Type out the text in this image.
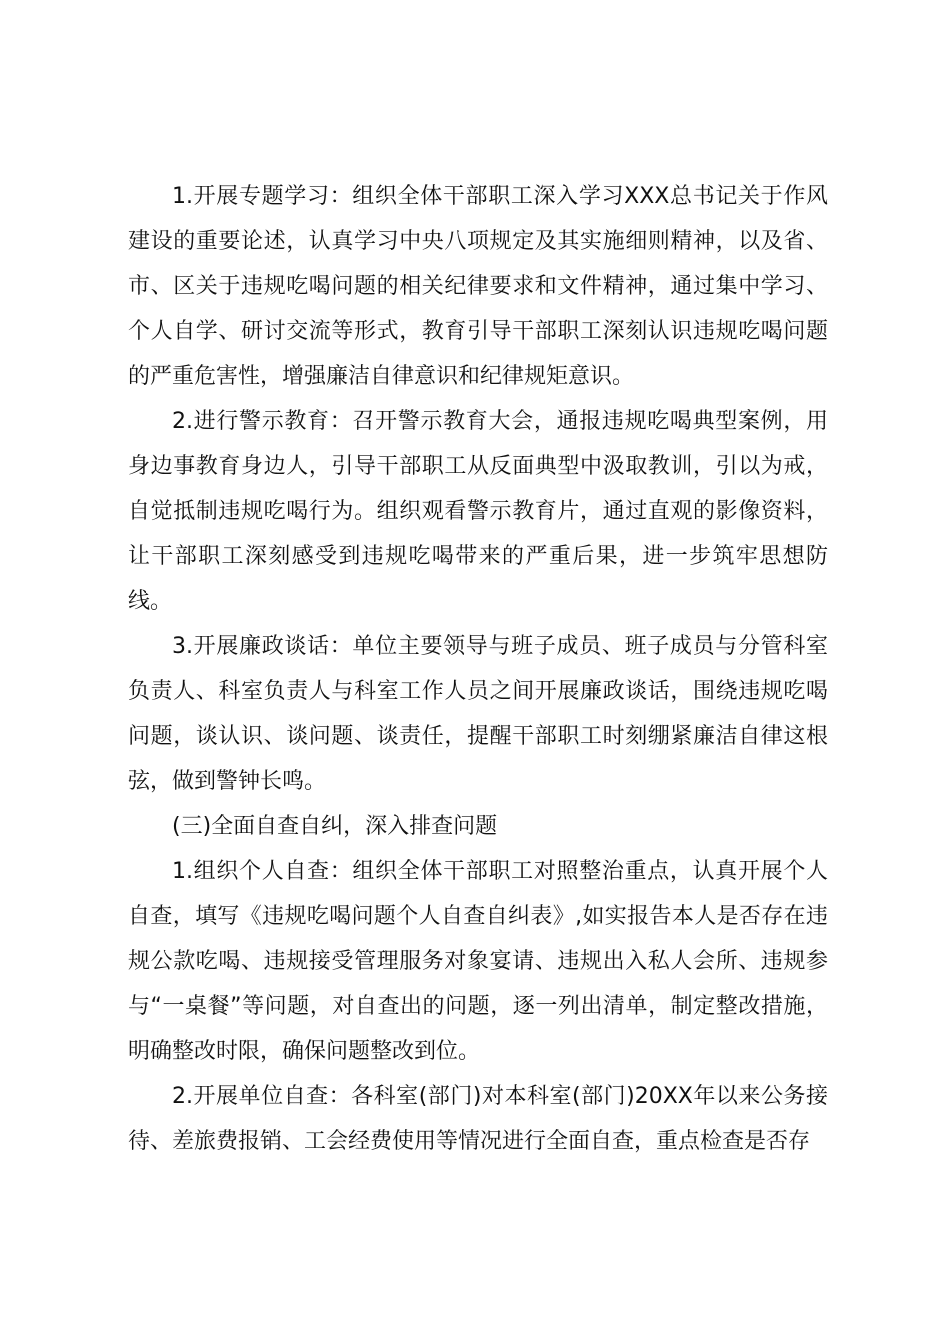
1.开展专题学习：组织全体干部职工深入学习XXX总书记关于作风建设的重要论述，认真学习中央八项规定及其实施细则精神，以及省、市、区关于违规吃喝问题的相关纪律要求和文件精神，通过集中学习、个人自学、研讨交流等形式，教育引导干部职工深刻认识违规吃喝问题的严重危害性，增强廉洁自律意识和纪律规矩意识。

2.进行警示教育：召开警示教育大会，通报违规吃喝典型案例，用身边事教育身边人，引导干部职工从反面典型中汲取教训，引以为戒，自觉抵制违规吃喝行为。组织观看警示教育片，通过直观的影像资料，让干部职工深刻感受到违规吃喝带来的严重后果，进一步筑牢思想防线。

3.开展廉政谈话：单位主要领导与班子成员、班子成员与分管科室负责人、科室负责人与科室工作人员之间开展廉政谈话，围绕违规吃喝问题，谈认识、谈问题、谈责任，提醒干部职工时刻绷紧廉洁自律这根弦，做到警钟长鸣。

(三)全面自查自纠，深入排查问题

1.组织个人自查：组织全体干部职工对照整治重点，认真开展个人自查，填写《违规吃喝问题个人自查自纠表》,如实报告本人是否存在违规公款吃喝、违规接受管理服务对象宴请、违规出入私人会所、违规参与“一桌餐”等问题，对自查出的问题，逐一列出清单，制定整改措施，明确整改时限，确保问题整改到位。

2.开展单位自查：各科室(部门)对本科室(部门)20XX年以来公务接待、差旅费报销、工会经费使用等情况进行全面自查，重点检查是否存
